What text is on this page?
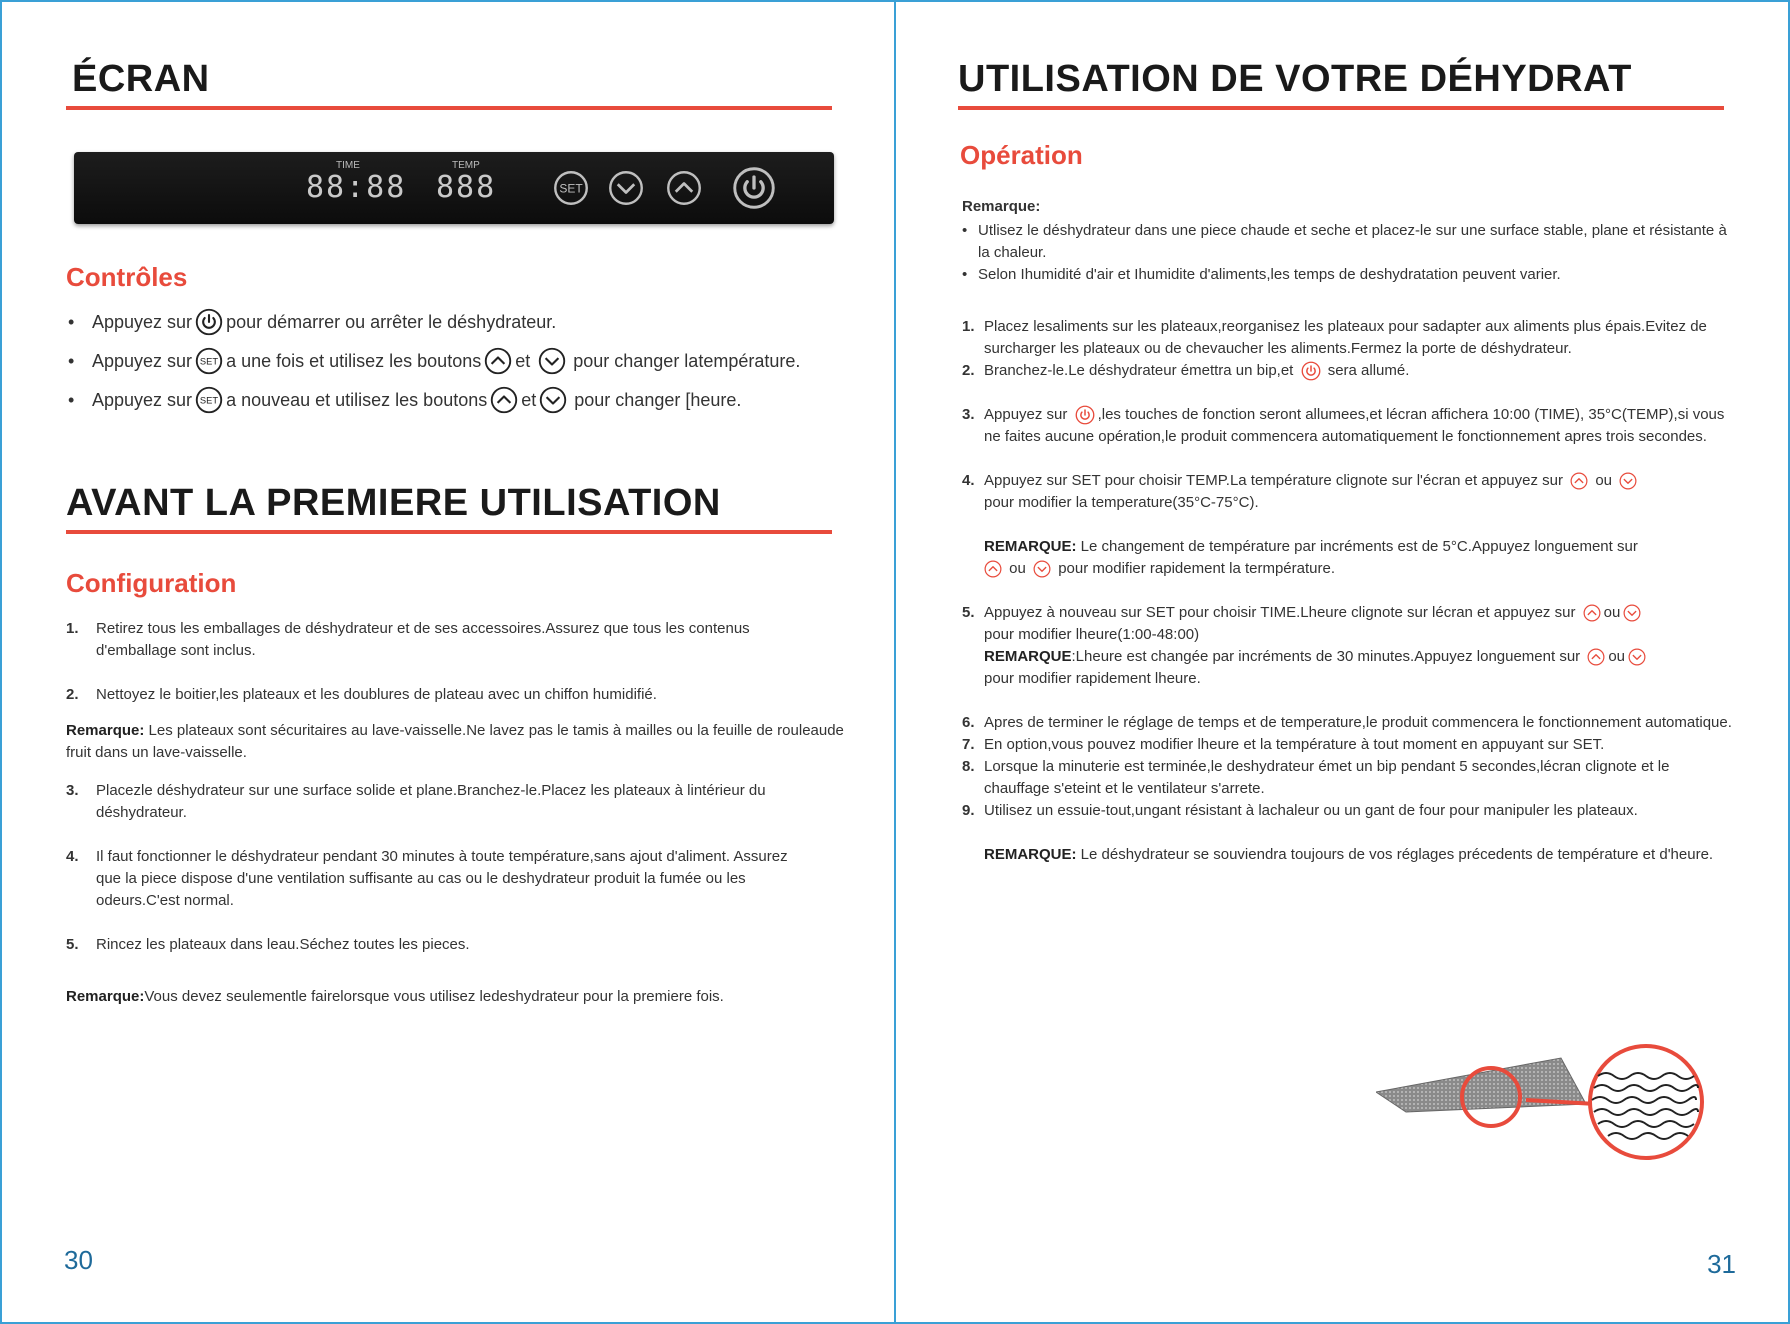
ÉCRAN
TIME
88:88
TEMP
888
Contrôles
• Appuyez sur pour démarrer ou arrêter le déshydrateur.
• Appuyez sur a une fois et utilisez les boutons et pour changer latempérature.
• Appuyez sur a nouveau et utilisez les boutons et pour changer [heure.
AVANT LA PREMIERE UTILISATION
Configuration
1.	Retirez tous les emballages de déshydrateur et de ses accessoires.Assurez que tous les contenus d'emballage sont inclus.
2.	Nettoyez le boitier,les plateaux et les doublures de plateau avec un chiffon humidifié.
Remarque: Les plateaux sont sécuritaires au lave-vaisselle.Ne lavez pas le tamis à mailles ou la feuille de rouleaude fruit dans un lave-vaisselle.
3.	Placezle déshydrateur sur une surface solide et plane.Branchez-le.Placez les plateaux à lintérieur du déshydrateur.
4.	Il faut fonctionner le déshydrateur pendant 30 minutes à toute température,sans ajout d'aliment. Assurez que la piece dispose d'une ventilation suffisante au cas ou le deshydrateur produit la fumée ou les odeurs.C'est normal.
5.	Rincez les plateaux dans leau.Séchez toutes les pieces.
Remarque:Vous devez seulementle fairelorsque vous utilisez ledeshydrateur pour la premiere fois.
30
UTILISATION DE VOTRE DÉHYDRAT
Opération
Remarque:
• Utlisez le déshydrateur dans une piece chaude et seche et placez-le sur une surface stable, plane et résistante à la chaleur.
• Selon Ihumidité d'air et Ihumidite d'aliments,les temps de deshydratation peuvent varier.
1. Placez lesaliments sur les plateaux,reorganisez les plateaux pour sadapter aux aliments plus épais.Evitez de surcharger les plateaux ou de chevaucher les aliments.Fermez la porte de déshydrateur.
2. Branchez-le.Le déshydrateur émettra un bip,et sera allumé.
3. Appuyez sur ,les touches de fonction seront allumees,et lécran affichera 10:00 (TIME), 35°C(TEMP),si vous ne faites aucune opération,le produit commencera automatiquement le fonctionnement apres trois secondes.
4. Appuyez sur SET pour choisir TEMP.La température clignote sur l'écran et appuyez sur ou
pour modifier la temperature(35°C-75°C).
REMARQUE: Le changement de température par incréments est de 5°C.Appuyez longuement sur
ou pour modifier rapidement la termpérature.
5. Appuyez à nouveau sur SET pour choisir TIME.Lheure clignote sur lécran et appuyez sur ou
pour modifier lheure(1:00-48:00)
REMARQUE:Lheure est changée par incréments de 30 minutes.Appuyez longuement sur ou
pour modifier rapidement lheure.
6. Apres de terminer le réglage de temps et de temperature,le produit commencera le fonctionnement automatique.
7. En option,vous pouvez modifier lheure et la température à tout moment en appuyant sur SET.
8. Lorsque la minuterie est terminée,le deshydrateur émet un bip pendant 5 secondes,lécran clignote et le chauffage s'eteint et le ventilateur s'arrete.
9. Utilisez un essuie-tout,ungant résistant à lachaleur ou un gant de four pour manipuler les plateaux.
REMARQUE: Le déshydrateur se souviendra toujours de vos réglages précedents de température et d'heure.
31
